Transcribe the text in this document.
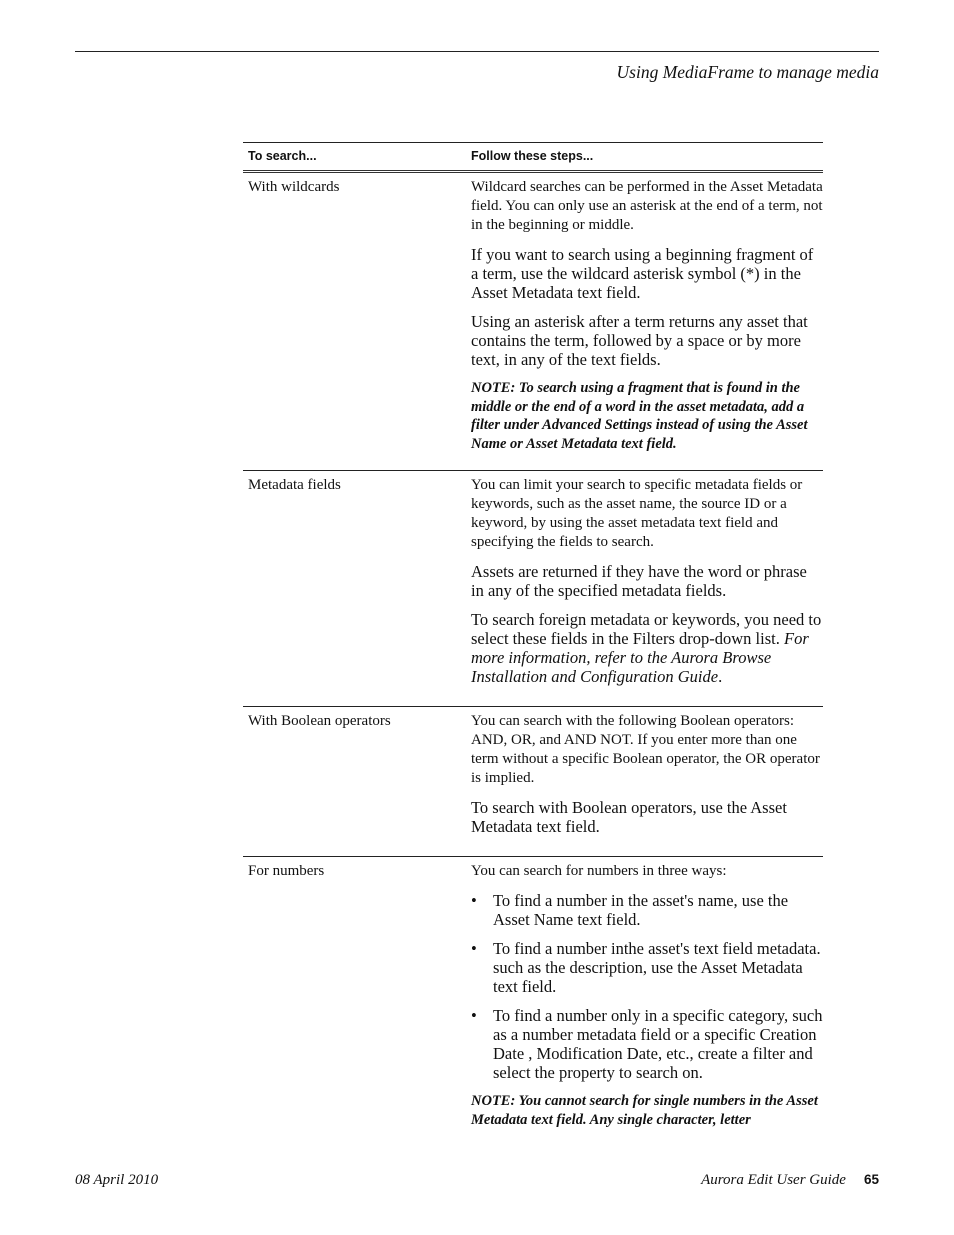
Using MediaFrame to manage media
To search...	Follow these steps...
With wildcards	Wildcard searches can be performed in the Asset Metadata field. You can only use an asterisk at the end of a term, not in the beginning or middle.

If you want to search using a beginning fragment of a term, use the wildcard asterisk symbol (*) in the Asset Metadata text field.

Using an asterisk after a term returns any asset that contains the term, followed by a space or by more text, in any of the text fields.

NOTE: To search using a fragment that is found in the middle or the end of a word in the asset metadata, add a filter under Advanced Settings instead of using the Asset Name or Asset Metadata text field.

Metadata fields	You can limit your search to specific metadata fields or keywords, such as the asset name, the source ID or a keyword, by using the asset metadata text field and specifying the fields to search.

Assets are returned if they have the word or phrase in any of the specified metadata fields.

To search foreign metadata or keywords, you need to select these fields in the Filters drop-down list. For more information, refer to the Aurora Browse Installation and Configuration Guide.

With Boolean operators	You can search with the following Boolean operators: AND, OR, and AND NOT. If you enter more than one term without a specific Boolean operator, the OR operator is implied.

To search with Boolean operators, use the Asset Metadata text field.

For numbers	You can search for numbers in three ways:

• To find a number in the asset's name, use the Asset Name text field.
• To find a number inthe asset's text field metadata. such as the description, use the Asset Metadata text field.
• To find a number only in a specific category, such as a number metadata field or a specific Creation Date , Modification Date, etc., create a filter and select the property to search on.

NOTE: You cannot search for single numbers in the Asset Metadata text field. Any single character, letter

08 April 2010	Aurora Edit User Guide 65
